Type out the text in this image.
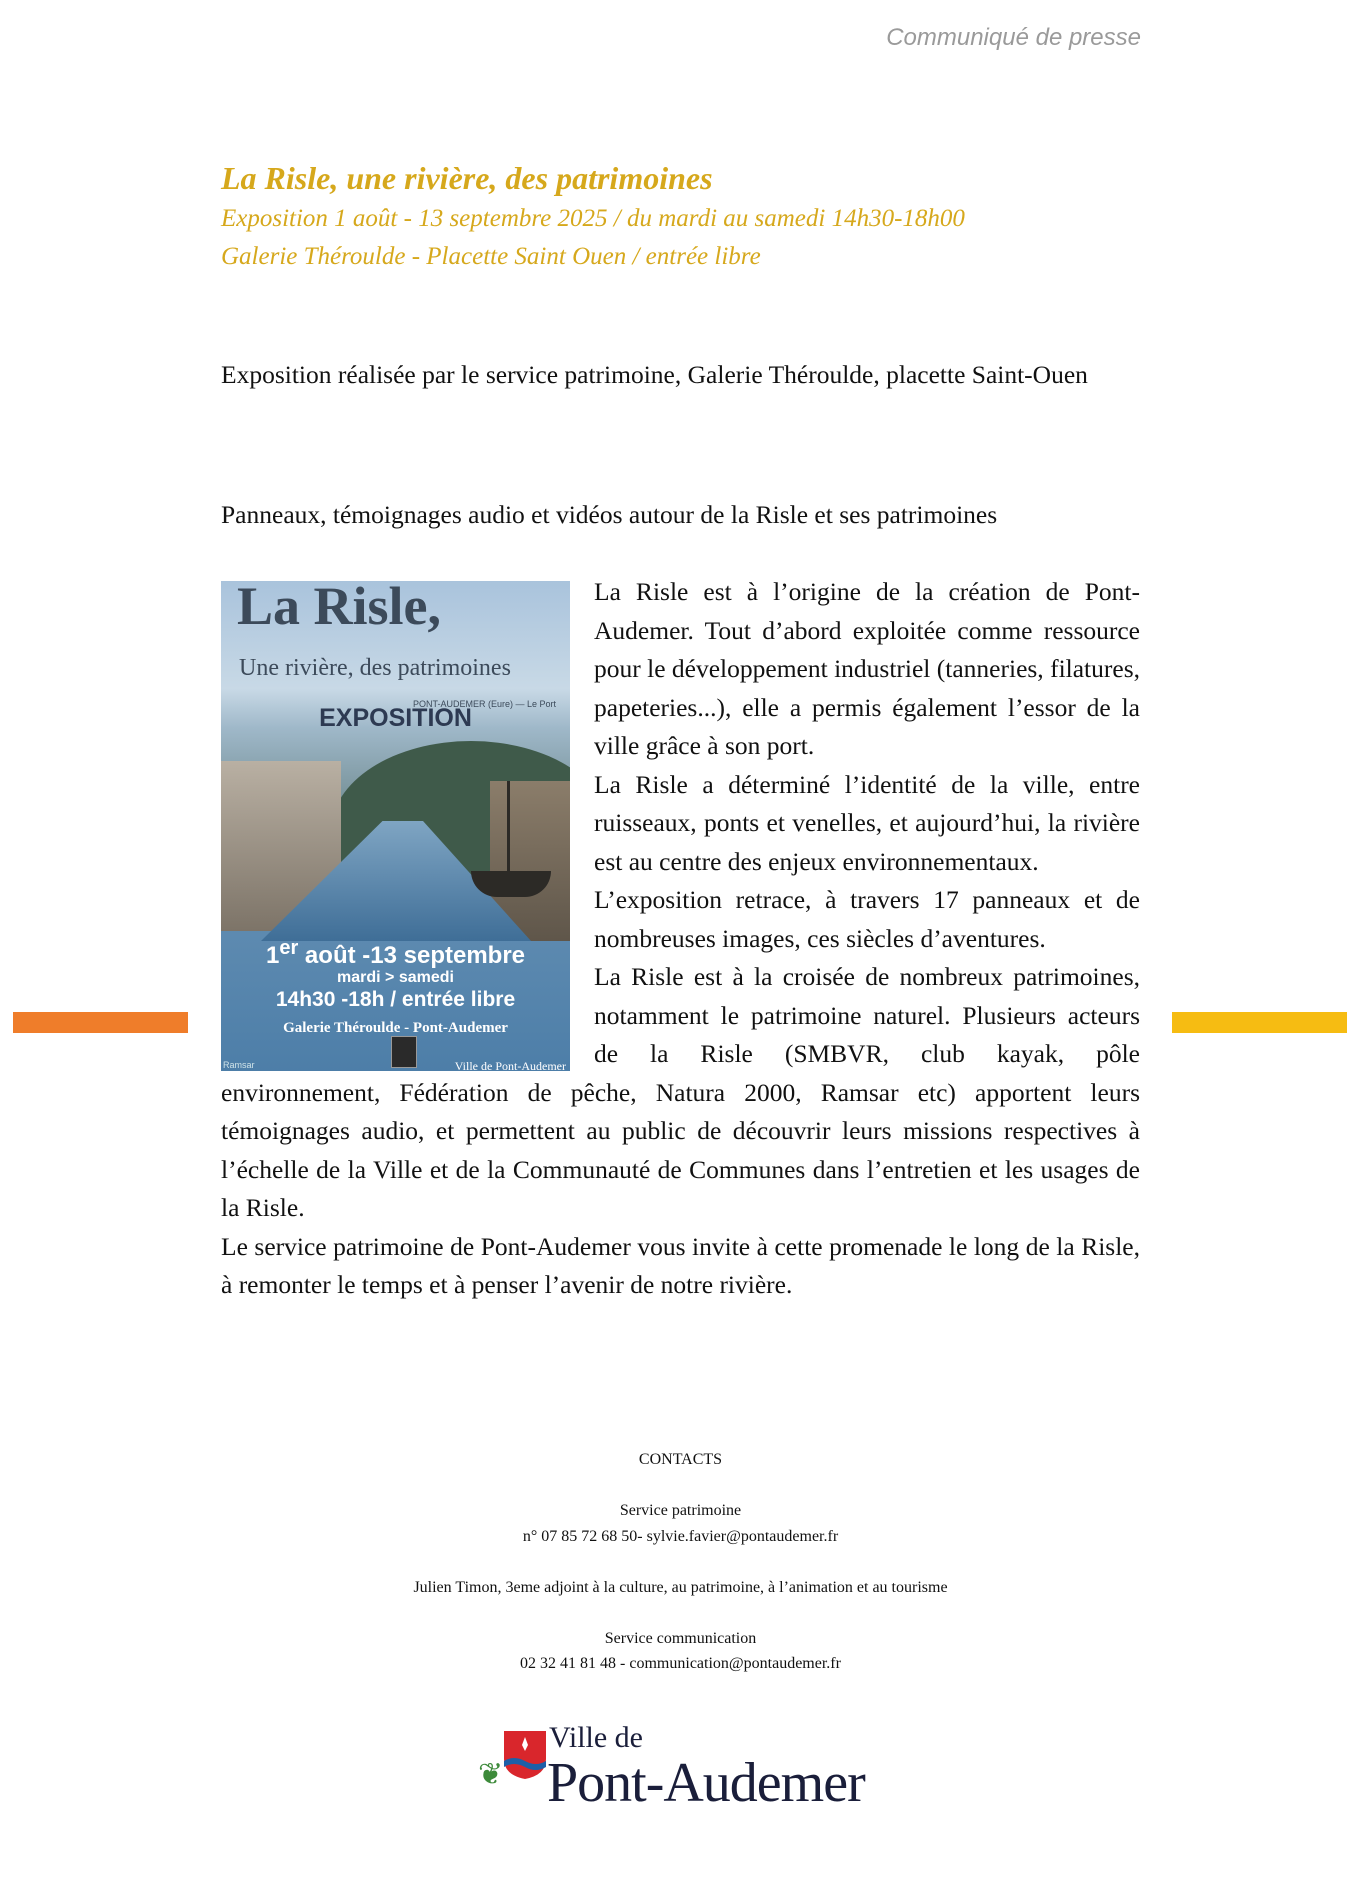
Communiqué de presse
La Risle, une rivière, des patrimoines
Exposition 1 août - 13 septembre 2025 / du mardi au samedi 14h30-18h00
Galerie Théroulde - Placette Saint Ouen / entrée libre
Exposition réalisée par le service patrimoine, Galerie Théroulde, placette Saint-Ouen
Panneaux, témoignages audio et vidéos autour de la Risle et ses patrimoines
La Risle,
Une rivière, des patrimoines
PONT-AUDEMER (Eure) — Le Port
EXPOSITION
1er août -13 septembre
mardi > samedi
14h30 -18h / entrée libre
Galerie Théroulde - Pont-Audemer
Ramsar	Ville de Pont-Audemer

La Risle est à l’origine de la création de Pont-Audemer. Tout d’abord exploitée comme ressource pour le développement industriel (tanneries, filatures, papeteries...), elle a permis également l’essor de la ville grâce à son port.

La Risle a déterminé l’identité de la ville, entre ruisseaux, ponts et venelles, et aujourd’hui, la rivière est au centre des enjeux environnementaux.

L’exposition retrace, à travers 17 panneaux et de nombreuses images, ces siècles d’aventures.

La Risle est à la croisée de nombreux patrimoines, notamment le patrimoine naturel. Plusieurs acteurs de la Risle (SMBVR, club kayak, pôle environnement, Fédération de pêche, Natura 2000, Ramsar etc) apportent leurs témoignages audio, et permettent au public de découvrir leurs missions respectives à l’échelle de la Ville et de la Communauté de Communes dans l’entretien et les usages de la Risle.

Le service patrimoine de Pont-Audemer vous invite à cette promenade le long de la Risle, à remonter le temps et à penser l’avenir de notre rivière.

CONTACTS
Service patrimoine
n° 07 85 72 68 50- sylvie.favier@pontaudemer.fr
Julien Timon, 3eme adjoint à la culture, au patrimoine, à l’animation et au tourisme
Service communication
02 32 41 81 48 - communication@pontaudemer.fr
❦
Ville de
Pont-Audemer
